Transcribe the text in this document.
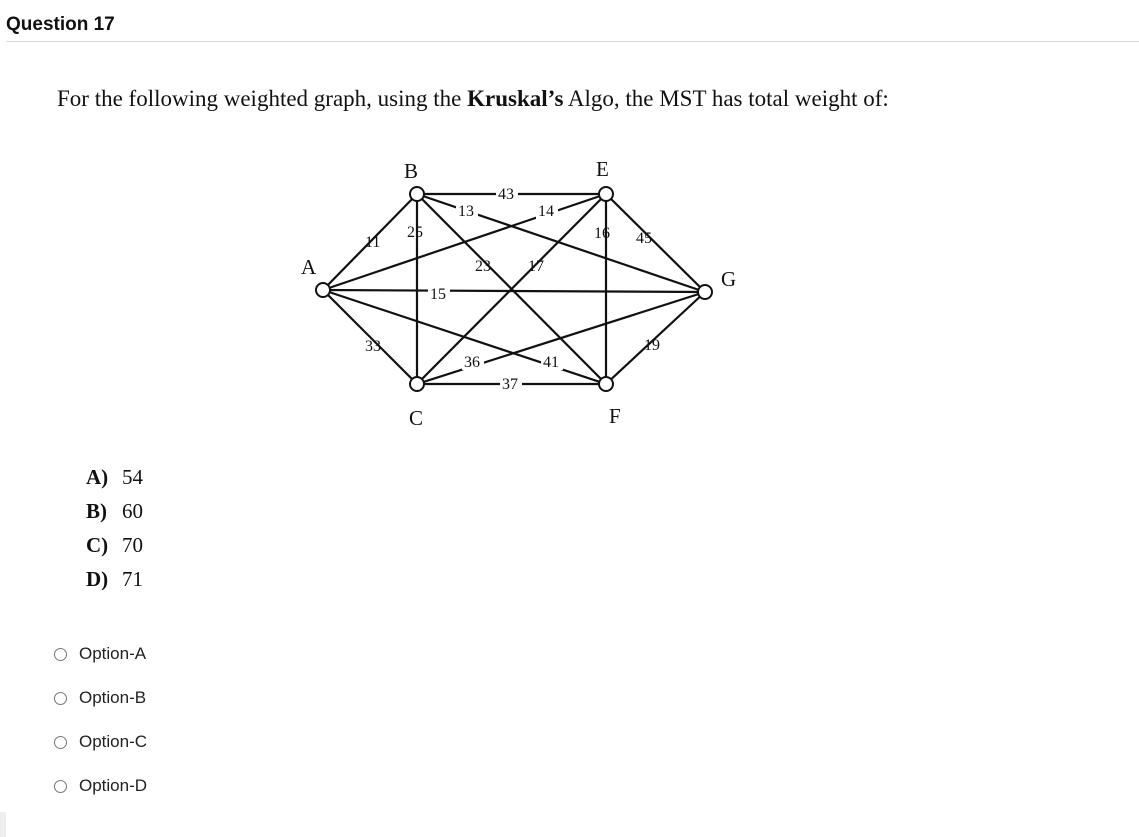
Question 17
For the following weighted graph, using the Kruskal’s Algo, the MST has total weight of:
43
13	14
11
25	16 45
23 17
15
33	19
36	41
37
A
B
C
E
F
G
A) 54
B) 60
C) 70
D) 71
Option-A
Option-B
Option-C
Option-D
